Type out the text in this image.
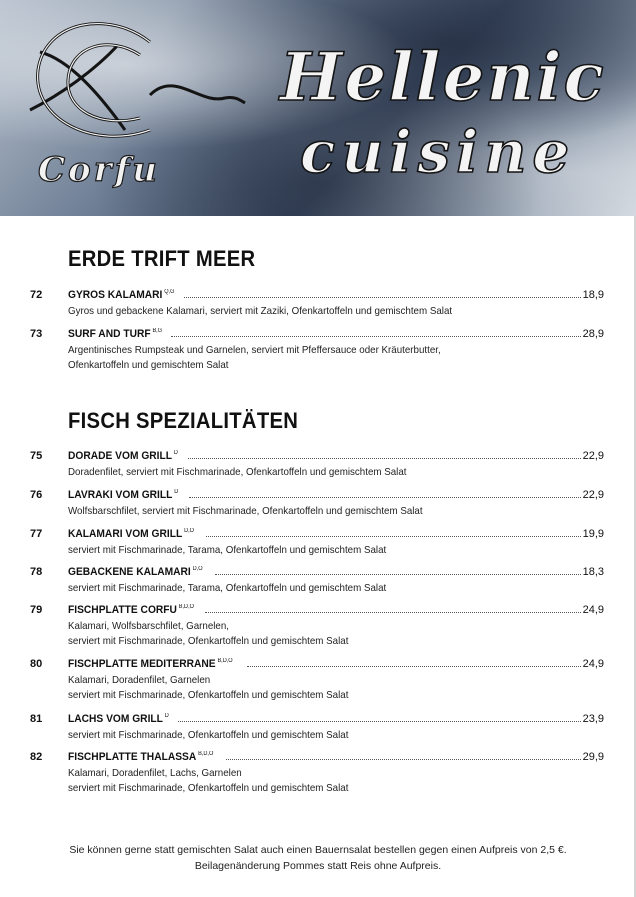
Corfu
Hellenic
cuisine
ERDE TRIFT MEER
72 GYROS KALAMARI $^{Q,G}$	18,9
Gyros und gebackene Kalamari, serviert mit Zaziki, Ofenkartoffeln und gemischtem Salat
73 SURF AND TURF $^{B,G}$	28,9
Argentinisches Rumpsteak und Garnelen, serviert mit Pfeffersauce oder Kräuterbutter,
Ofenkartoffeln und gemischtem Salat
FISCH SPEZIALITÄTEN
75 DORADE VOM GRILL $^D$	22,9
Doradenfilet, serviert mit Fischmarinade, Ofenkartoffeln und gemischtem Salat
76 LAVRAKI VOM GRILL $^D$	22,9
Wolfsbarschfilet, serviert mit Fischmarinade, Ofenkartoffeln und gemischtem Salat
77 KALAMARI VOM GRILL $^{D,O}$	19,9
serviert mit Fischmarinade, Tarama, Ofenkartoffeln und gemischtem Salat
78 GEBACKENE KALAMARI $^{D,O}$	18,3
serviert mit Fischmarinade, Tarama, Ofenkartoffeln und gemischtem Salat
79 FISCHPLATTE CORFU $^{B,D,O}$	24,9
Kalamari, Wolfsbarschfilet, Garnelen,
serviert mit Fischmarinade, Ofenkartoffeln und gemischtem Salat
80 FISCHPLATTE MEDITERRANE $^{B,D,O}$	24,9
Kalamari, Doradenfilet, Garnelen
serviert mit Fischmarinade, Ofenkartoffeln und gemischtem Salat
81 LACHS VOM GRILL $^D$	23,9
serviert mit Fischmarinade, Ofenkartoffeln und gemischtem Salat
82 FISCHPLATTE THALASSA $^{B,D,O}$	29,9
Kalamari, Doradenfilet, Lachs, Garnelen
serviert mit Fischmarinade, Ofenkartoffeln und gemischtem Salat
Sie können gerne statt gemischten Salat auch einen Bauernsalat bestellen gegen einen Aufpreis von 2,5 €.
Beilagenänderung Pommes statt Reis ohne Aufpreis.
